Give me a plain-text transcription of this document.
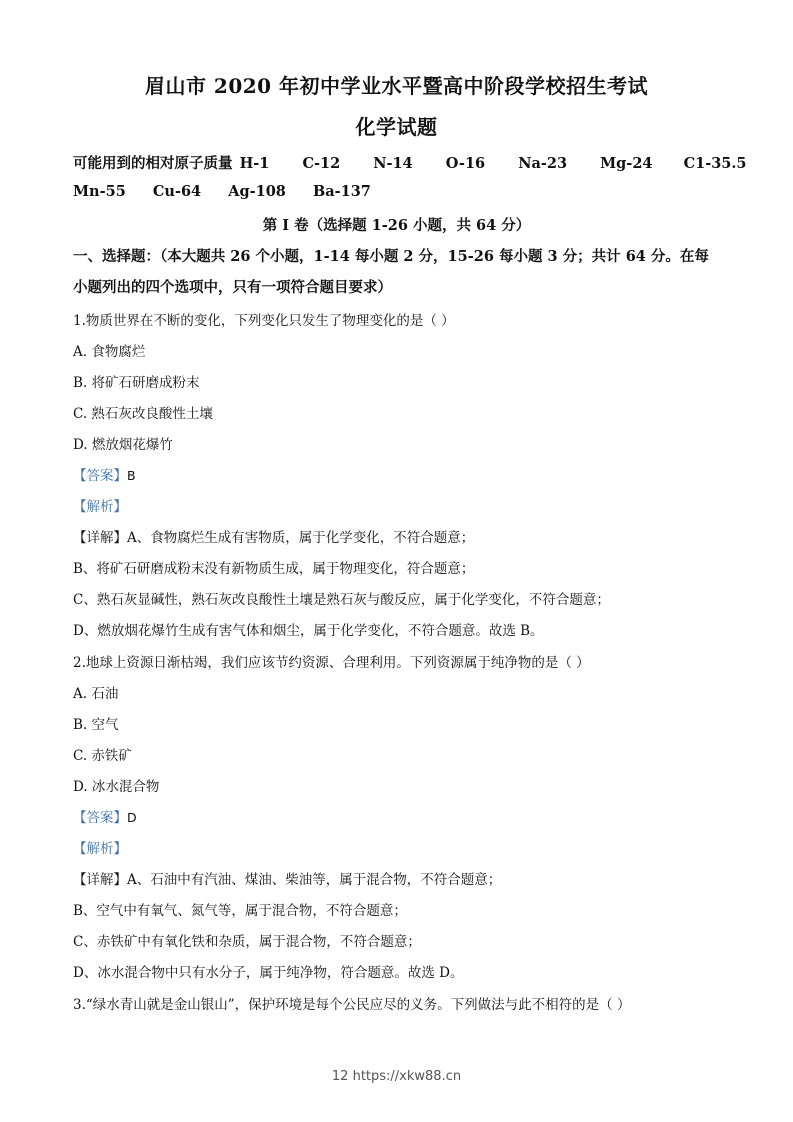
眉山市 2020 年初中学业水平暨高中阶段学校招生考试
化学试题
可能用到的相对原子质量 H-1 C-12 N-14 O-16 Na-23 Mg-24 C1-35.5
Mn-55 Cu-64 Ag-108 Ba-137
第 I 卷（选择题 1-26 小题，共 64 分）
一、选择题：（本大题共 26 个小题，1-14 每小题 2 分，15-26 每小题 3 分；共计 64 分。在每
小题列出的四个选项中，只有一项符合题目要求）
1.物质世界在不断的变化，下列变化只发生了物理变化的是（ ）
A. 食物腐烂
B. 将矿石研磨成粉末
C. 熟石灰改良酸性土壤
D. 燃放烟花爆竹
【答案】B
【解析】
【详解】A、食物腐烂生成有害物质，属于化学变化，不符合题意；
B、将矿石研磨成粉末没有新物质生成，属于物理变化，符合题意；
C、熟石灰显碱性，熟石灰改良酸性土壤是熟石灰与酸反应，属于化学变化，不符合题意；
D、燃放烟花爆竹生成有害气体和烟尘，属于化学变化，不符合题意。故选 B。
2.地球上资源日渐枯竭，我们应该节约资源、合理利用。下列资源属于纯净物的是（ ）
A. 石油
B. 空气
C. 赤铁矿
D. 冰水混合物
【答案】D
【解析】
【详解】A、石油中有汽油、煤油、柴油等，属于混合物，不符合题意；
B、空气中有氧气、氮气等，属于混合物，不符合题意；
C、赤铁矿中有氧化铁和杂质，属于混合物，不符合题意；
D、冰水混合物中只有水分子，属于纯净物，符合题意。故选 D。
3.“绿水青山就是金山银山”，保护环境是每个公民应尽的义务。下列做法与此不相符的是（ ）
12 https://xkw88.cn
